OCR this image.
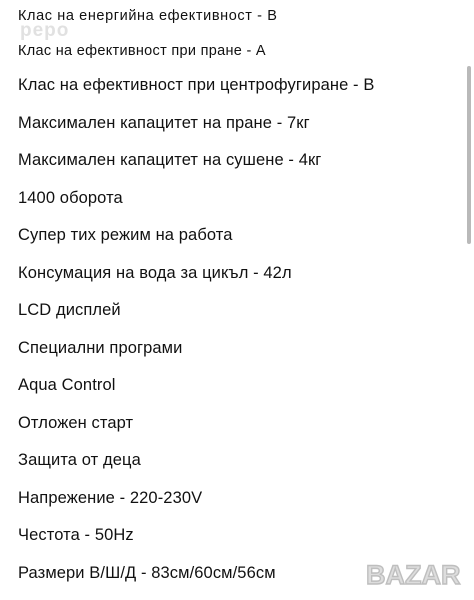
pepo
Клас на енергийна ефективност - В
Клас на ефективност при пране - А
Клас на ефективност при центрофугиране - В
Максимален капацитет на пране - 7кг
Максимален капацитет на сушене - 4кг
1400 оборота
Супер тих режим на работа
Консумация на вода за цикъл - 42л
LCD дисплей
Специални програми
Aqua Control
Отложен старт
Защита от деца
Напрежение - 220-230V
Честота - 50Hz
Размери В/Ш/Д - 83см/60см/56см	BAZAR
